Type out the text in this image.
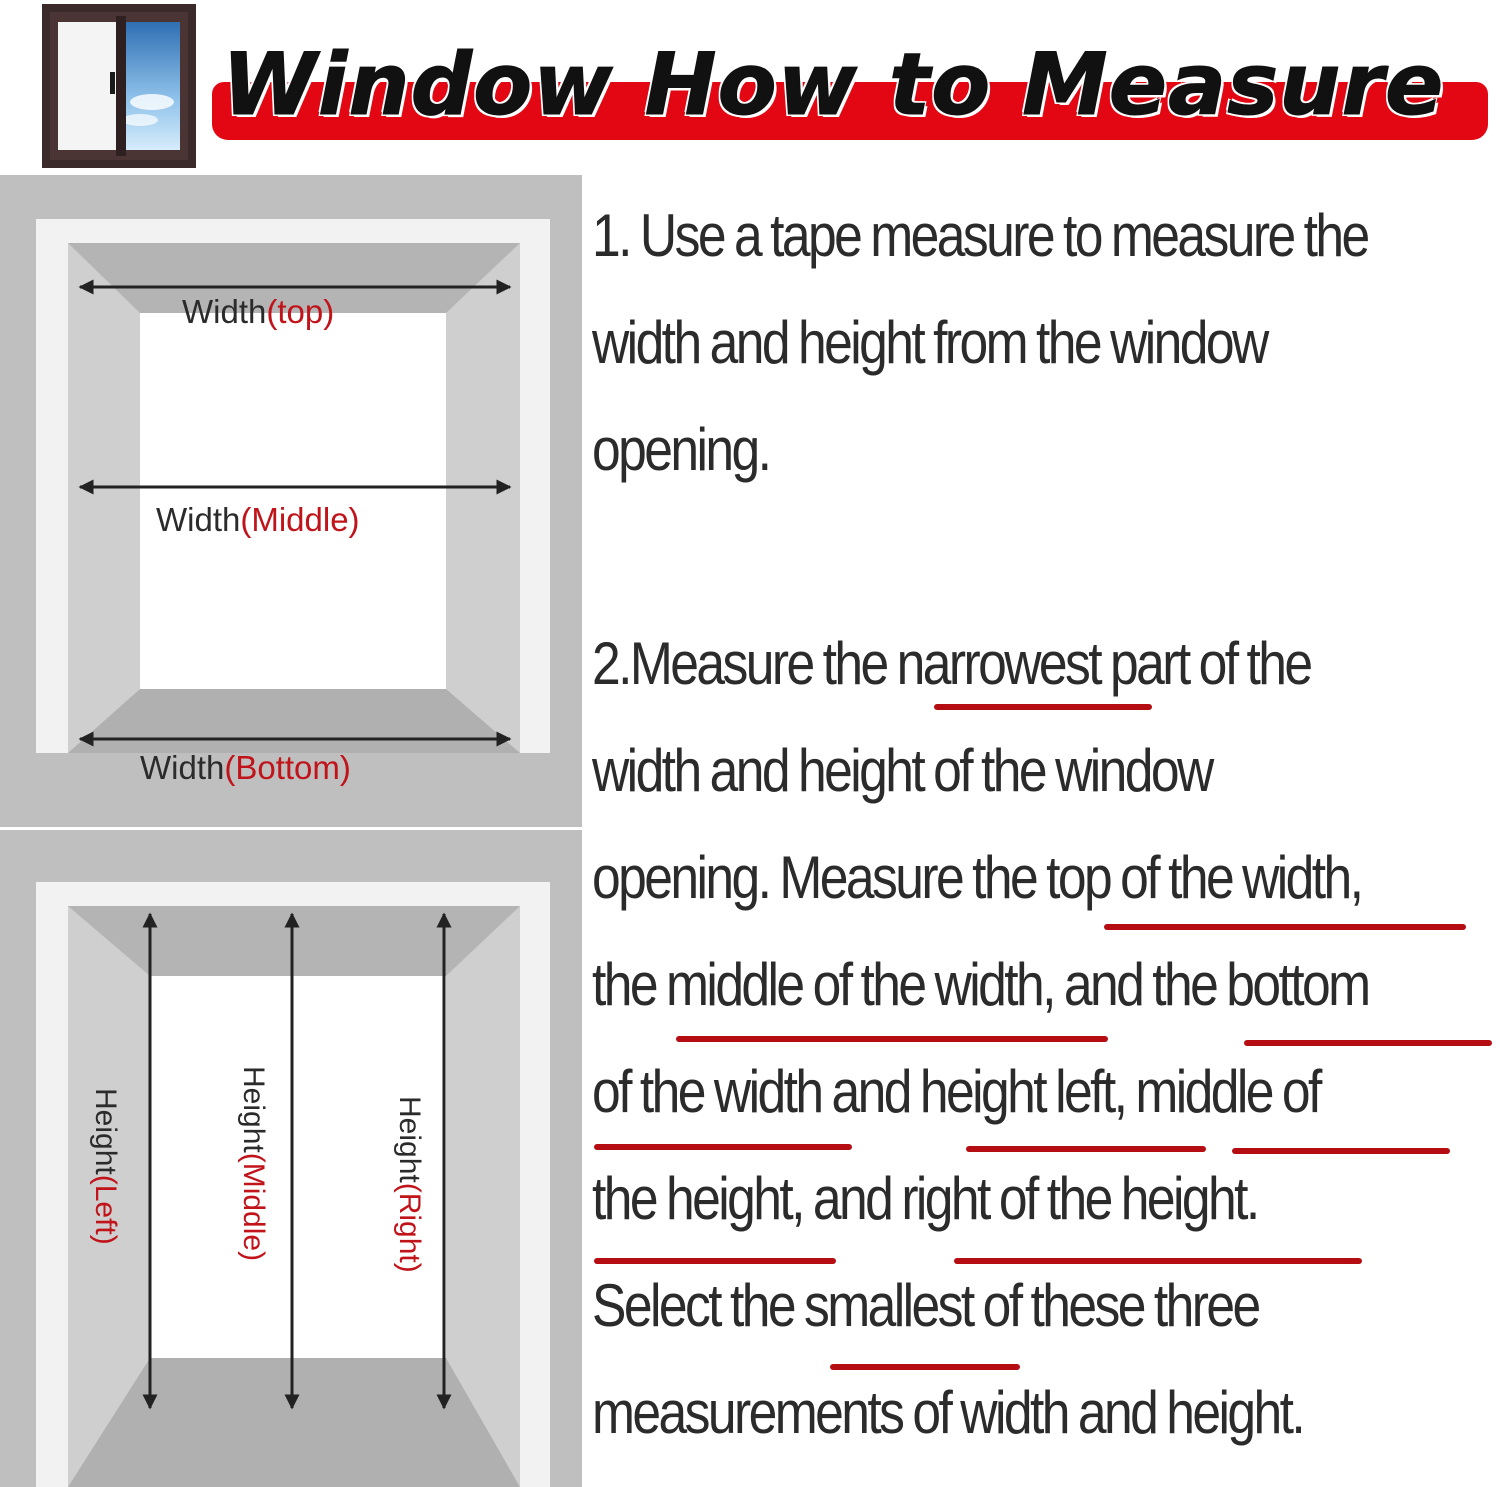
Window How to Measure
Width(top)
Width(Middle)
Width(Bottom)
Height(Left)
Height(Middle)
Height(Right)
1. Use a tape measure to measure the
width and height from the window
opening.
2.Measure the narrowest part of the
width and height of the window
opening. Measure the top of the width,
the middle of the width, and the bottom
of the width and height left, middle of
the height, and right of the height.
Select the smallest of these three
measurements of width and height.
